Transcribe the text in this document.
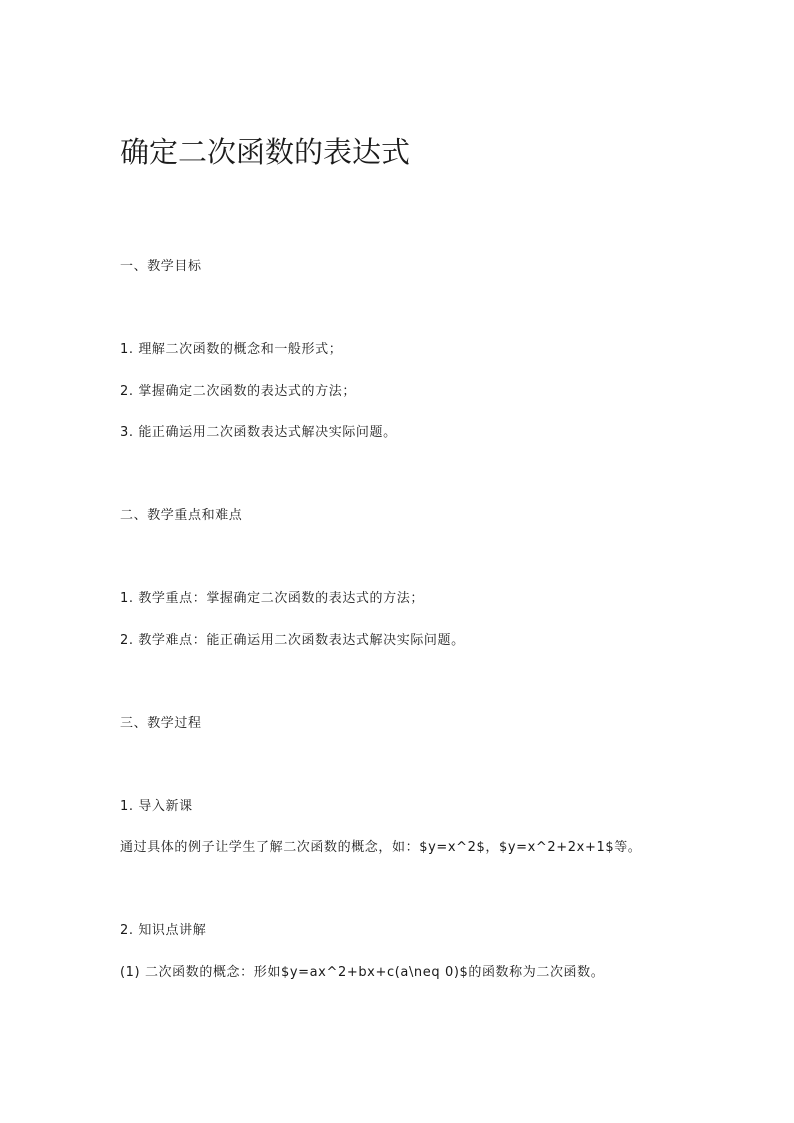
确定二次函数的表达式

一、教学目标

1. 理解二次函数的概念和一般形式；

2. 掌握确定二次函数的表达式的方法；

3. 能正确运用二次函数表达式解决实际问题。

二、教学重点和难点

1. 教学重点：掌握确定二次函数的表达式的方法；

2. 教学难点：能正确运用二次函数表达式解决实际问题。

三、教学过程

1. 导入新课

通过具体的例子让学生了解二次函数的概念，如：$y=x^2$，$y=x^2+2x+1$等。

2. 知识点讲解

(1) 二次函数的概念：形如$y=ax^2+bx+c(a\neq 0)$的函数称为二次函数。
